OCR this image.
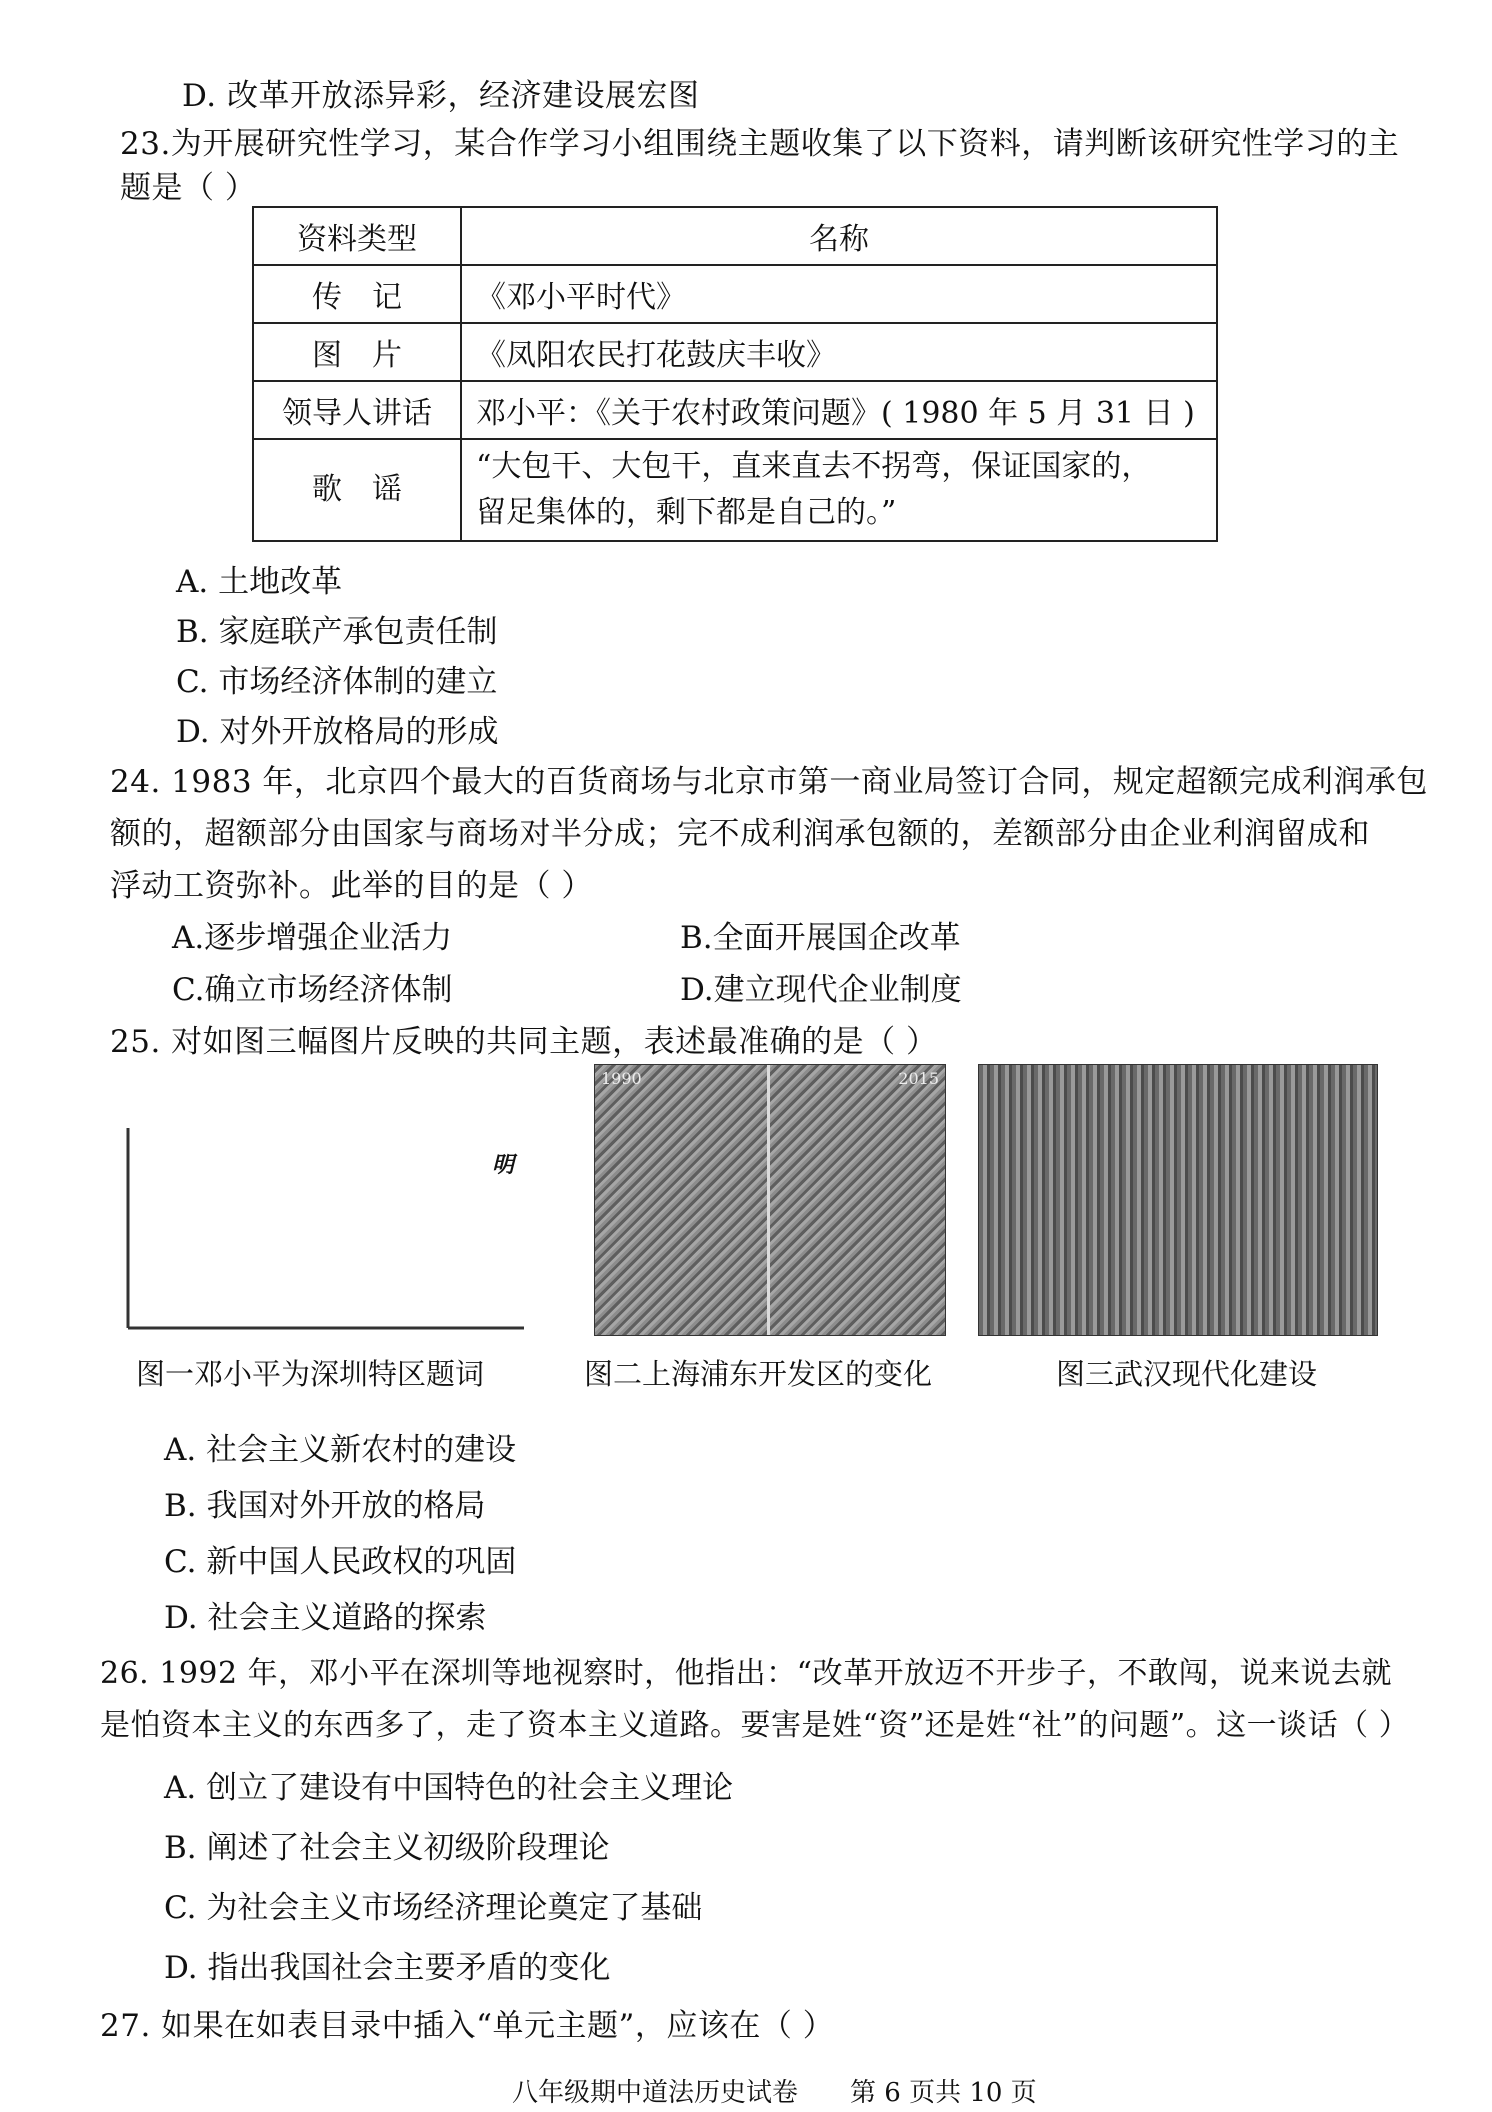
D. 改革开放添异彩，经济建设展宏图
23.为开展研究性学习，某合作学习小组围绕主题收集了以下资料，请判断该研究性学习的主
题是（ ）
资料类型	名称
传　记	《邓小平时代》
图　片	《凤阳农民打花鼓庆丰收》
领导人讲话	邓小平：《关于农村政策问题》( 1980 年 5 月 31 日 )
歌　谣	“大包干、大包干，直来直去不拐弯，保证国家的，
留足集体的，剩下都是自己的。”
A. 土地改革
B. 家庭联产承包责任制
C. 市场经济体制的建立
D. 对外开放格局的形成
24. 1983 年，北京四个最大的百货商场与北京市第一商业局签订合同，规定超额完成利润承包
额的，超额部分由国家与商场对半分成；完不成利润承包额的，差额部分由企业利润留成和
浮动工资弥补。此举的目的是（ ）
A.逐步增强企业活力	B.全面开展国企改革
C.确立市场经济体制	D.建立现代企业制度
25. 对如图三幅图片反映的共同主题，表述最准确的是（ ）
明
1990	2015
图一邓小平为深圳特区题词	图二上海浦东开发区的变化	图三武汉现代化建设
A. 社会主义新农村的建设
B. 我国对外开放的格局
C. 新中国人民政权的巩固
D. 社会主义道路的探索
26. 1992 年，邓小平在深圳等地视察时，他指出：“改革开放迈不开步子，不敢闯，说来说去就
是怕资本主义的东西多了，走了资本主义道路。要害是姓“资”还是姓“社”的问题”。这一谈话（ ）
A. 创立了建设有中国特色的社会主义理论
B. 阐述了社会主义初级阶段理论
C. 为社会主义市场经济理论奠定了基础
D. 指出我国社会主要矛盾的变化
27. 如果在如表目录中插入“单元主题”，应该在（ ）
八年级期中道法历史试卷　　第 6 页共 10 页
